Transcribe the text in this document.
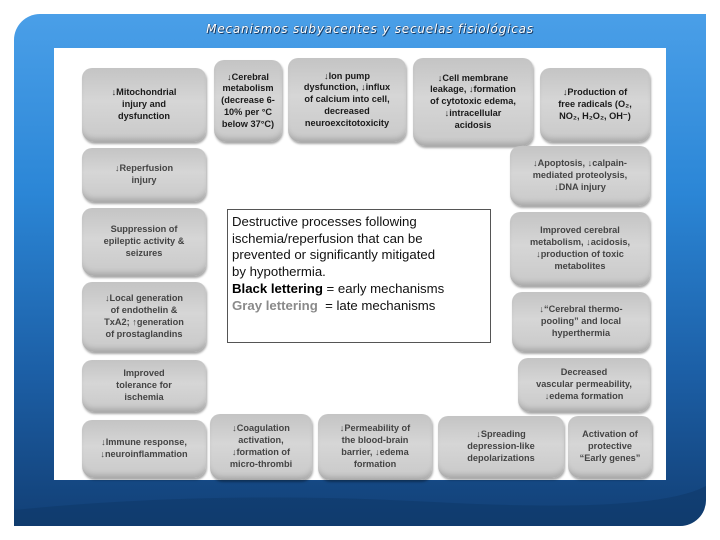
Mecanismos subyacentes y secuelas fisiológicas
↓Mitochondrial
injury and
dysfunction
↓Cerebral
metabolism
(decrease 6-
10% per °C
below 37°C)
↓Ion pump
dysfunction, ↓influx
of calcium into cell,
decreased
neuroexcitotoxicity
↓Cell membrane
leakage, ↓formation
of cytotoxic edema,
↓intracellular
acidosis
↓Production of
free radicals (O₂,
NO₂, H₂O₂, OH⁻)
↓Reperfusion
injury
Suppression of
epileptic activity &
seizures
↓Local generation
of endothelin &
TxA2; ↑generation
of prostaglandins
Improved
tolerance for
ischemia
↓Apoptosis, ↓calpain-
mediated proteolysis,
↓DNA injury
Improved cerebral
metabolism, ↓acidosis,
↓production of toxic
metabolites
↓“Cerebral thermo-
pooling” and local
hyperthermia
Decreased
vascular permeability,
↓edema formation
↓Immune response,
↓neuroinflammation
↓Coagulation
activation,
↓formation of
micro-thrombi
↓Permeability of
the blood-brain
barrier, ↓edema
formation
↓Spreading
depression-like
depolarizations
Activation of
protective
“Early genes”
Destructive processes following
ischemia/reperfusion that can be
prevented or significantly mitigated
by hypothermia.
Black lettering = early mechanisms
Gray lettering  = late mechanisms
